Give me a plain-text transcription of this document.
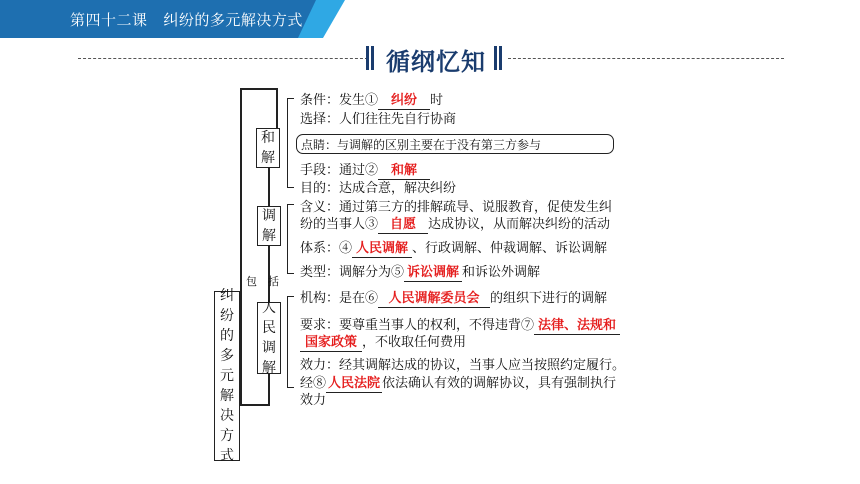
第四十二课 纠纷的多元解决方式
循纲忆知
纠
纷
的
多
元
解
决
方
式
包 括
和
解
调
解
人
民
调
解
条件：发生① 纠纷 时
选择：人们往往先自行协商
点睛：与调解的区别主要在于没有第三方参与
手段：通过② 和解
目的：达成合意，解决纠纷
含义：通过第三方的排解疏导、说服教育，促使发生纠
纷的当事人③ 自愿 达成协议，从而解决纠纷的活动
体系：④ 人民调解 、行政调解、仲裁调解、诉讼调解
类型：调解分为⑤ 诉讼调解 和诉讼外调解
机构：是在⑥ 人民调解委员会 的组织下进行的调解
要求：要尊重当事人的权利，不得违背⑦ 法律、法规和
国家政策 ，不收取任何费用
效力：经其调解达成的协议，当事人应当按照约定履行。
经⑧ 人民法院 依法确认有效的调解协议，具有强制执行
效力
